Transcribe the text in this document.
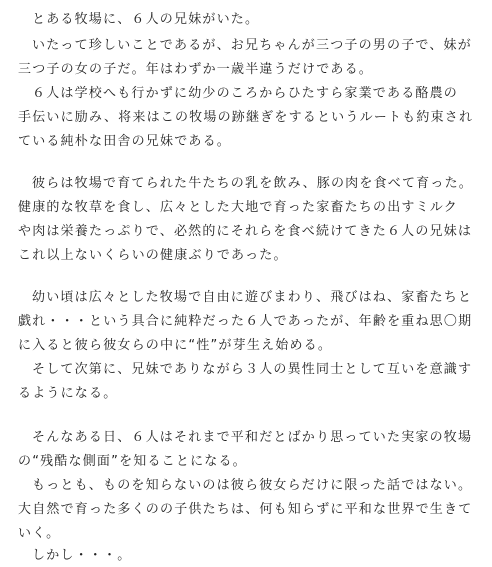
とある牧場に、６人の兄妹がいた。
いたって珍しいことであるが、お兄ちゃんが三つ子の男の子で、妹が
三つ子の女の子だ。年はわずか一歳半違うだけである。
６人は学校へも行かずに幼少のころからひたすら家業である酪農の
手伝いに励み、将来はこの牧場の跡継ぎをするというルートも約束され
ている純朴な田舎の兄妹である。
彼らは牧場で育てられた牛たちの乳を飲み、豚の肉を食べて育った。
健康的な牧草を食し、広々とした大地で育った家畜たちの出すミルク
や肉は栄養たっぷりで、必然的にそれらを食べ続けてきた６人の兄妹は
これ以上ないくらいの健康ぶりであった。
幼い頃は広々とした牧場で自由に遊びまわり、飛びはね、家畜たちと
戯れ・・・という具合に純粋だった６人であったが、年齢を重ね思〇期
に入ると彼ら彼女らの中に“性”が芽生え始める。
そして次第に、兄妹でありながら３人の異性同士として互いを意識す
るようになる。
そんなある日、６人はそれまで平和だとばかり思っていた実家の牧場
の“残酷な側面”を知ることになる。
もっとも、ものを知らないのは彼ら彼女らだけに限った話ではない。
大自然で育った多くのの子供たちは、何も知らずに平和な世界で生きて
いく。
しかし・・・。
